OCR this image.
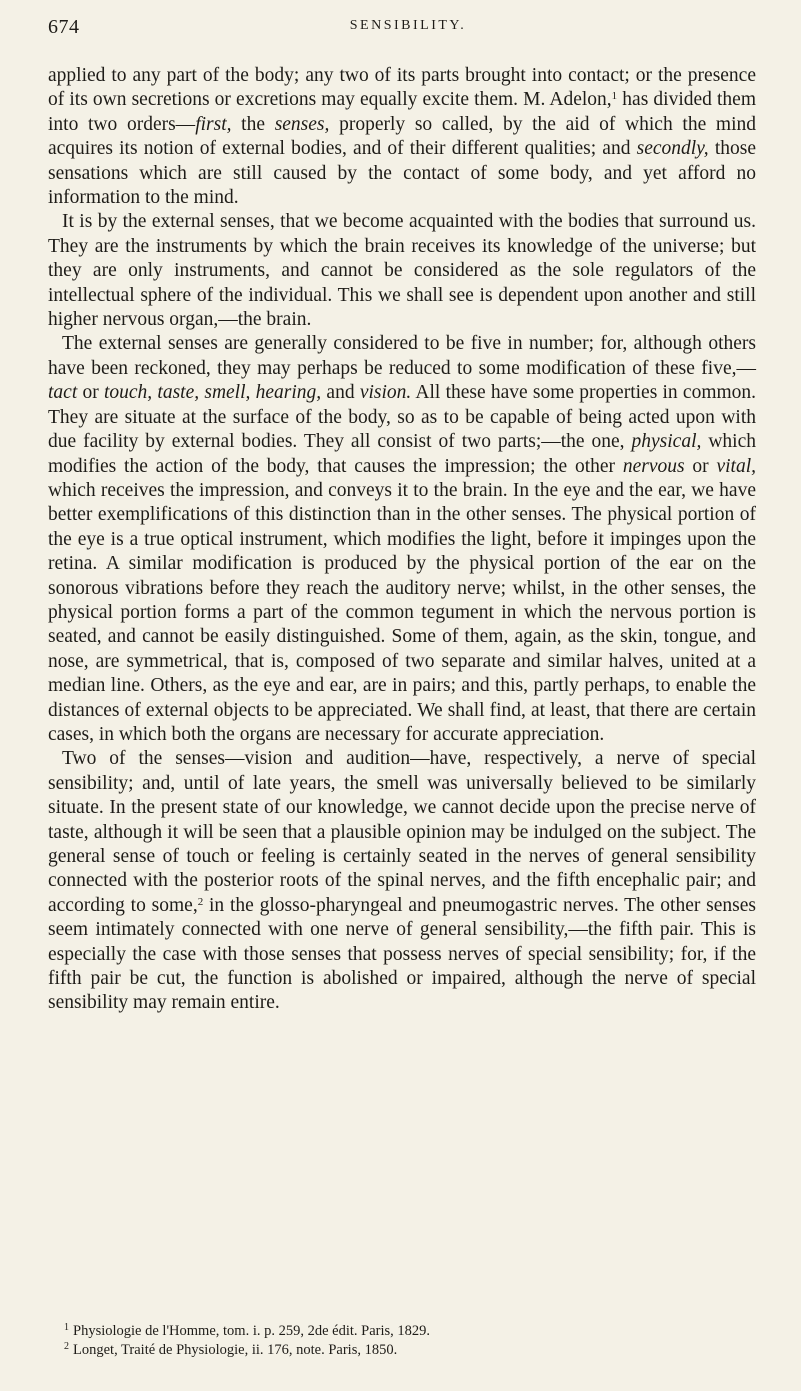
674	SENSIBILITY.

applied to any part of the body; any two of its parts brought into contact; or the presence of its own secretions or excretions may equally excite them. M. Adelon,$^1$ has divided them into two orders—first, the senses, properly so called, by the aid of which the mind acquires its notion of external bodies, and of their different qualities; and secondly, those sensations which are still caused by the contact of some body, and yet afford no information to the mind.

It is by the external senses, that we become acquainted with the bodies that surround us. They are the instruments by which the brain receives its knowledge of the universe; but they are only instruments, and cannot be considered as the sole regulators of the intellectual sphere of the individual. This we shall see is dependent upon another and still higher nervous organ,—the brain.

The external senses are generally considered to be five in number; for, although others have been reckoned, they may perhaps be reduced to some modification of these five,—tact or touch, taste, smell, hearing, and vision. All these have some properties in common. They are situate at the surface of the body, so as to be capable of being acted upon with due facility by external bodies. They all consist of two parts;—the one, physical, which modifies the action of the body, that causes the impression; the other nervous or vital, which receives the impression, and conveys it to the brain. In the eye and the ear, we have better exemplifications of this distinction than in the other senses. The physical portion of the eye is a true optical instrument, which modifies the light, before it impinges upon the retina. A similar modification is produced by the physical portion of the ear on the sonorous vibrations before they reach the auditory nerve; whilst, in the other senses, the physical portion forms a part of the common tegument in which the nervous portion is seated, and cannot be easily distinguished. Some of them, again, as the skin, tongue, and nose, are symmetrical, that is, composed of two separate and similar halves, united at a median line. Others, as the eye and ear, are in pairs; and this, partly perhaps, to enable the distances of external objects to be appreciated. We shall find, at least, that there are certain cases, in which both the organs are necessary for accurate appreciation.

Two of the senses—vision and audition—have, respectively, a nerve of special sensibility; and, until of late years, the smell was universally believed to be similarly situate. In the present state of our knowledge, we cannot decide upon the precise nerve of taste, although it will be seen that a plausible opinion may be indulged on the subject. The general sense of touch or feeling is certainly seated in the nerves of general sensibility connected with the posterior roots of the spinal nerves, and the fifth encephalic pair; and according to some,$^2$ in the glosso-pharyngeal and pneumogastric nerves. The other senses seem intimately connected with one nerve of general sensibility,—the fifth pair. This is especially the case with those senses that possess nerves of special sensibility; for, if the fifth pair be cut, the function is abolished or impaired, although the nerve of special sensibility may remain entire.

$^1$ Physiologie de l'Homme, tom. i. p. 259, 2de édit. Paris, 1829.
$^2$ Longet, Traité de Physiologie, ii. 176, note. Paris, 1850.
